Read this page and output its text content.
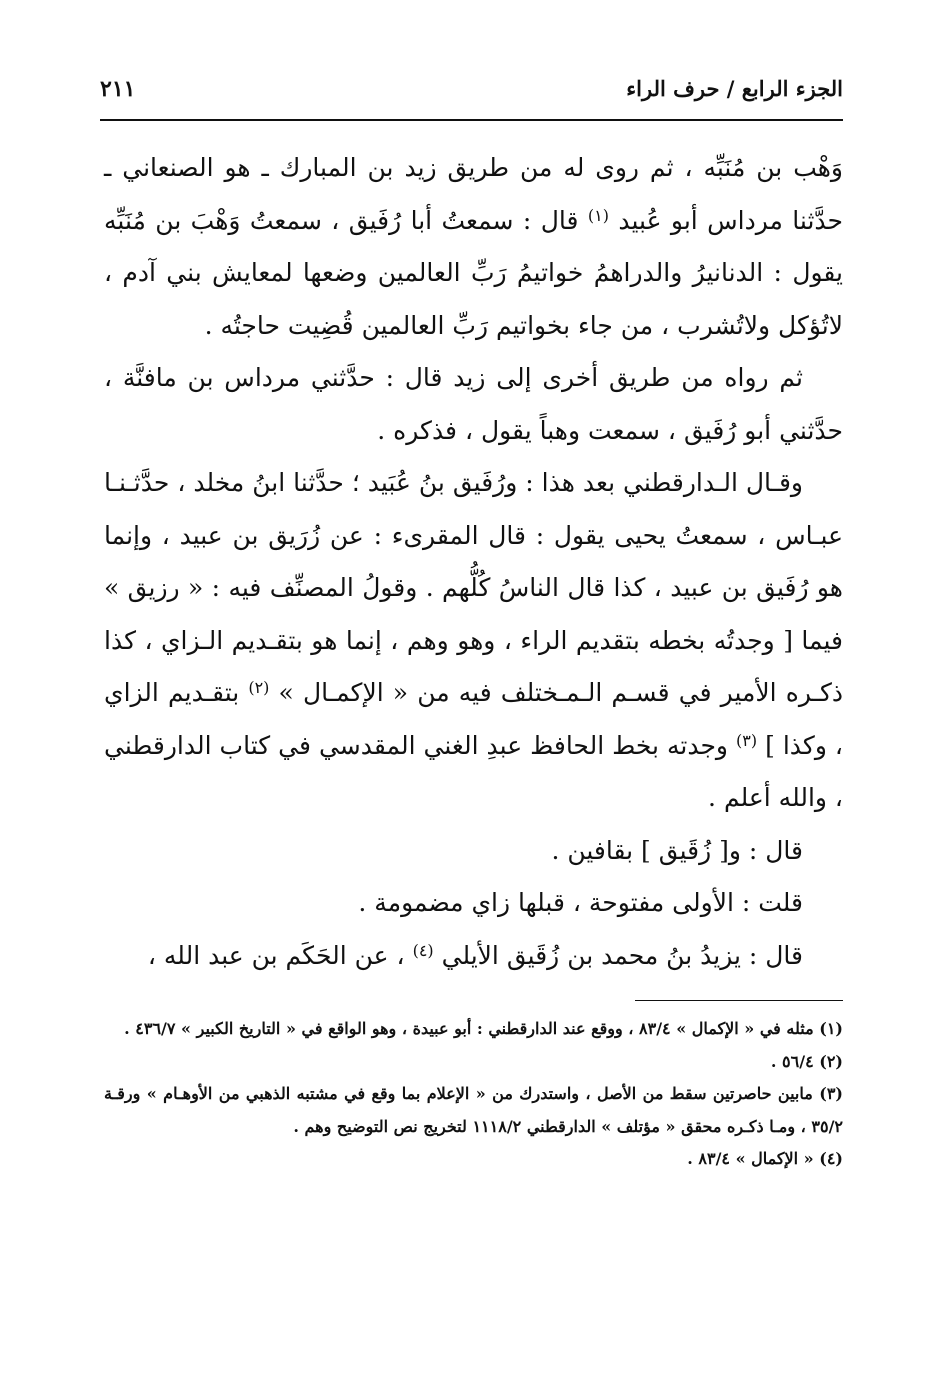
الجزء الرابع / حرف الراء
٢١١

وَهْب بن مُنَبِّه ، ثم روى له من طريق زيد بن المبارك ـ هو الصنعاني ـ حدَّثنا مرداس أبو عُبيد $^{(١)}$ قال : سمعتُ أبا رُفَيق ، سمعتُ وَهْبَ بن مُنَبِّه يقول : الدنانيرُ والدراهمُ خواتيمُ رَبِّ العالمين وضعها لمعايش بني آدم ، لاتُؤكل ولاتُشرب ، من جاء بخواتيم رَبِّ العالمين قُضِيت حاجتُه .

ثم رواه من طريق أخرى إلى زيد قال : حدَّثني مرداس بن مافنَّة ، حدَّثني أبو رُفَيق ، سمعت وهباً يقول ، فذكره .

وقـال الـدارقطني بعد هذا : ورُفَيق بنُ عُبَيد ؛ حدَّثنا ابنُ مخلد ، حدَّثـنـا عبـاس ، سمعتُ يحيى يقول : قال المقرىء : عن زُرَيق بن عبيد ، وإنما هو رُفَيق بن عبيد ، كذا قال الناسُ كُلُّهم . وقولُ المصنِّف فيه : « رزيق » فيما [ وجدتُه بخطه بتقديم الراء ، وهو وهم ، إنما هو بتقـديم الـزاي ، كذا ذكـره الأمير في قسـم الـمـختلف فيه من « الإكمـال » $^{(٢)}$ بتقـديم الزاي ، وكذا ] $^{(٣)}$ وجدته بخط الحافظ عبدِ الغني المقدسي في كتاب الدارقطني ، والله أعلم .

قال : و[ زُقَيق ] بقافين .

قلت : الأولى مفتوحة ، قبلها زاي مضمومة .

قال : يزيدُ بنُ محمد بن زُقَيق الأيلي $^{(٤)}$ ، عن الحَكَم بن عبد الله ،

(١) مثله في « الإكمال » ٨٣/٤ ، ووقع عند الدارقطني : أبو عبيدة ، وهو الواقع في « التاريخ الكبير » ٤٣٦/٧ .

(٢) ٥٦/٤ .

(٣) مابين حاصرتين سقط من الأصل ، واستدرك من « الإعلام بما وقع في مشتبه الذهبي من الأوهـام » ورقـة ٣٥/٢ ، ومـا ذكـره محقق « مؤتلف » الدارقطني ١١١٨/٢ لتخريج نص التوضيح وهم .

(٤) « الإكمال » ٨٣/٤ .
